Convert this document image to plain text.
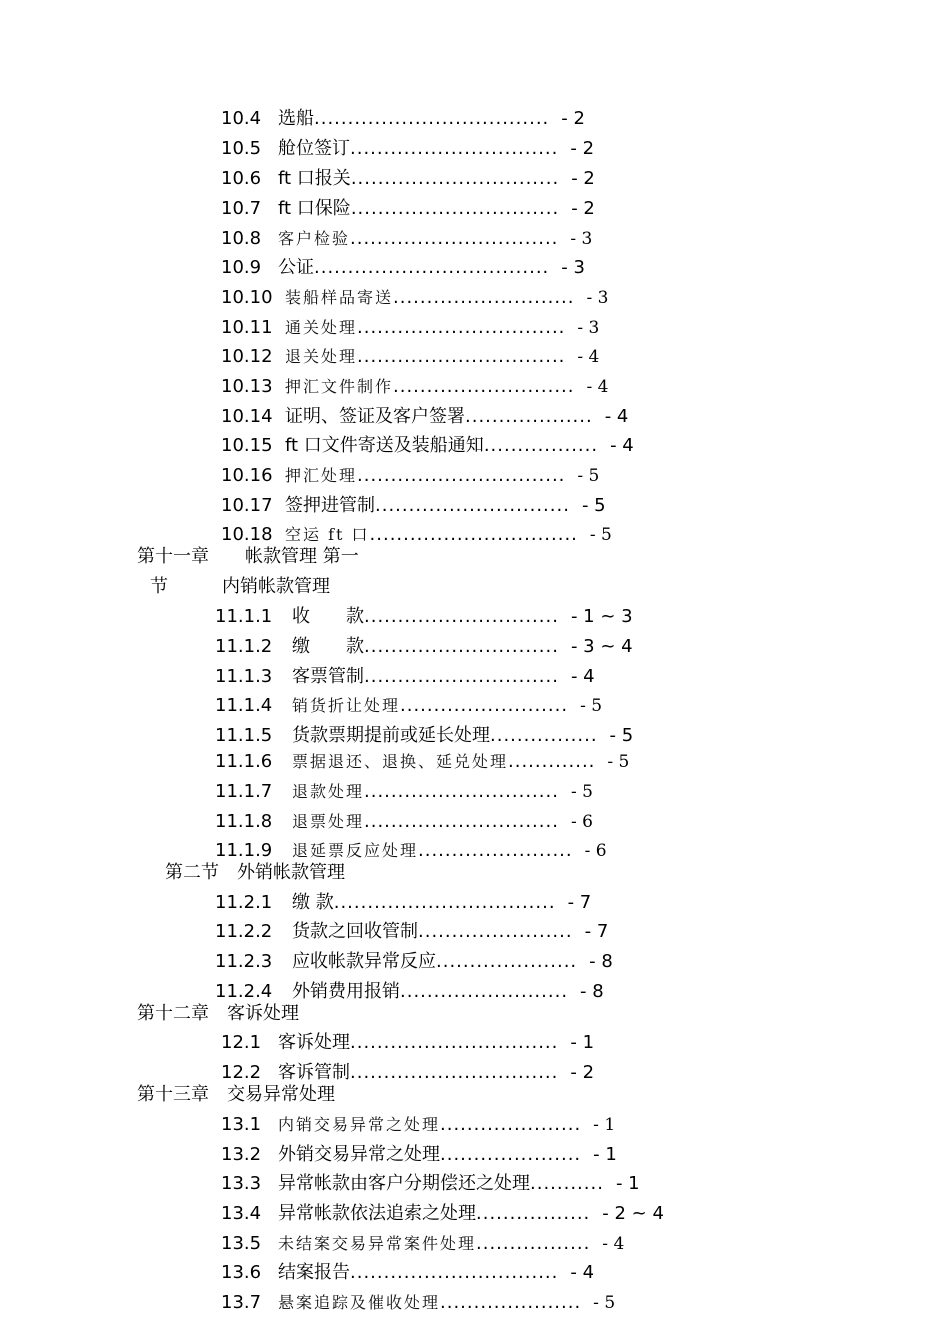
10.4 选船................................... - 2
10.5 舱位签订............................... - 2
10.6 ft 口报关............................... - 2
10.7 ft 口保险............................... - 2
10.8 客户检验............................... - 3
10.9 公证................................... - 3
10.10 装船样品寄送........................... - 3
10.11 通关处理............................... - 3
10.12 退关处理............................... - 4
10.13 押汇文件制作........................... - 4
10.14 证明、签证及客户签署................... - 4
10.15 ft 口文件寄送及装船通知................. - 4
10.16 押汇处理............................... - 5
10.17 签押进管制............................. - 5
10.18 空运 ft 口............................... - 5
第十一章　　帐款管理 第一
节　　　内销帐款管理
11.1.1 收　　款............................. - 1 ~ 3
11.1.2 缴　　款............................. - 3 ~ 4
11.1.3 客票管制............................. - 4
11.1.4 销货折让处理......................... - 5
11.1.5 货款票期提前或延长处理................ - 5
11.1.6 票据退还、退换、延兑处理............. - 5
11.1.7 退款处理............................. - 5
11.1.8 退票处理............................. - 6
11.1.9 退延票反应处理....................... - 6
第二节　外销帐款管理
11.2.1 缴 款................................. - 7
11.2.2 货款之回收管制....................... - 7
11.2.3 应收帐款异常反应..................... - 8
11.2.4 外销费用报销......................... - 8
第十二章　客诉处理
12.1 客诉处理............................... - 1
12.2 客诉管制............................... - 2
第十三章　交易异常处理
13.1 内销交易异常之处理..................... - 1
13.2 外销交易异常之处理..................... - 1
13.3 异常帐款由客户分期偿还之处理........... - 1
13.4 异常帐款依法追索之处理................. - 2 ~ 4
13.5 未结案交易异常案件处理................. - 4
13.6 结案报告............................... - 4
13.7 悬案追踪及催收处理..................... - 5
